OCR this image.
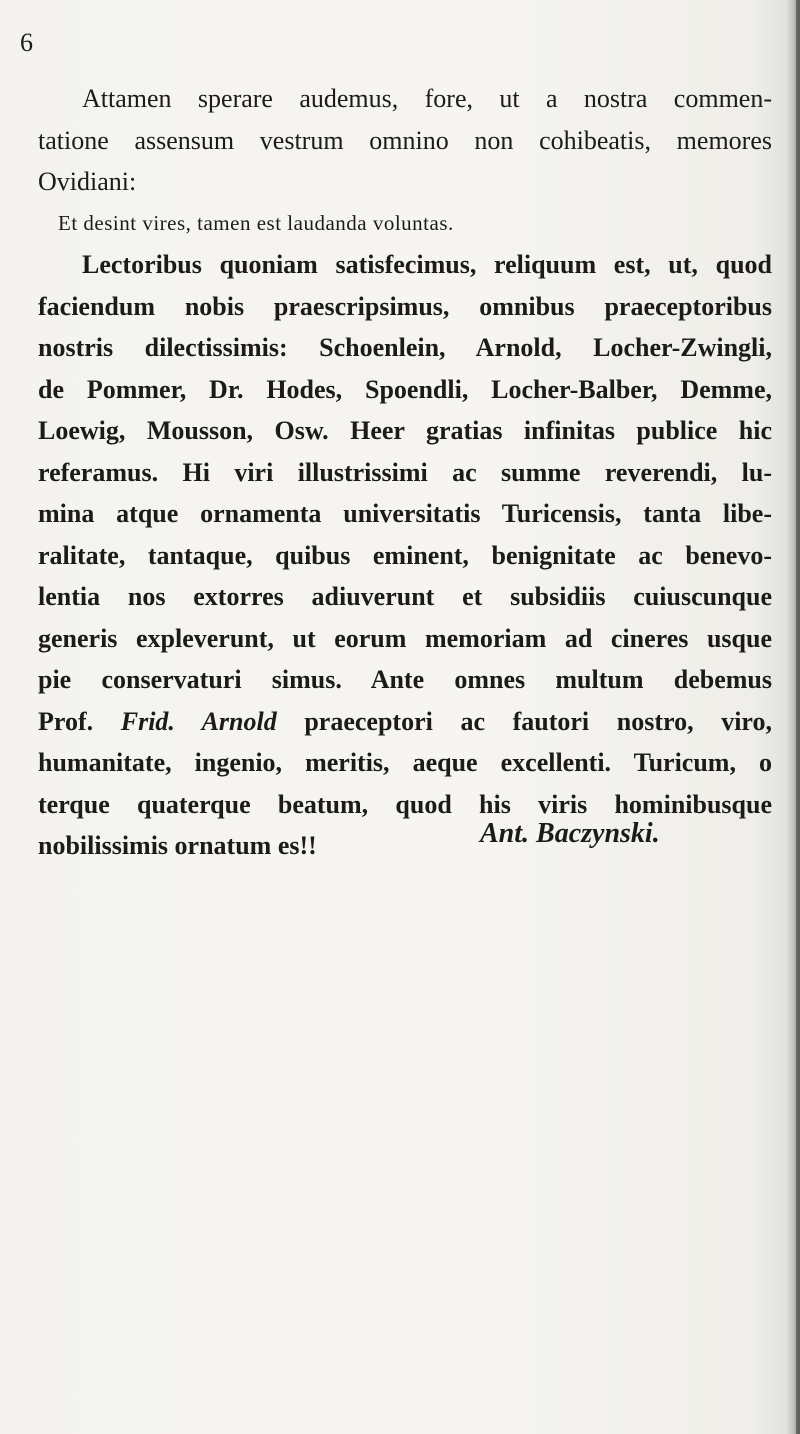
6
Attamen sperare audemus, fore, ut a nostra commen-
tatione assensum vestrum omnino non cohibeatis, memores
Ovidiani:
Et desint vires, tamen est laudanda voluntas.
Lectoribus quoniam satisfecimus, reliquum est, ut, quod
faciendum nobis praescripsimus, omnibus praeceptoribus
nostris dilectissimis: Schoenlein, Arnold, Locher-Zwingli,
de Pommer, Dr. Hodes, Spoendli, Locher-Balber, Demme,
Loewig, Mousson, Osw. Heer gratias infinitas publice hic
referamus. Hi viri illustrissimi ac summe reverendi, lu-
mina atque ornamenta universitatis Turicensis, tanta libe-
ralitate, tantaque, quibus eminent, benignitate ac benevo-
lentia nos extorres adiuverunt et subsidiis cuiuscunque
generis expleverunt, ut eorum memoriam ad cineres usque
pie conservaturi simus. Ante omnes multum debemus
Prof. Frid. Arnold praeceptori ac fautori nostro, viro,
humanitate, ingenio, meritis, aeque excellenti. Turicum, o
terque quaterque beatum, quod his viris hominibusque
nobilissimis ornatum es!!	Ant. Baczynski.
